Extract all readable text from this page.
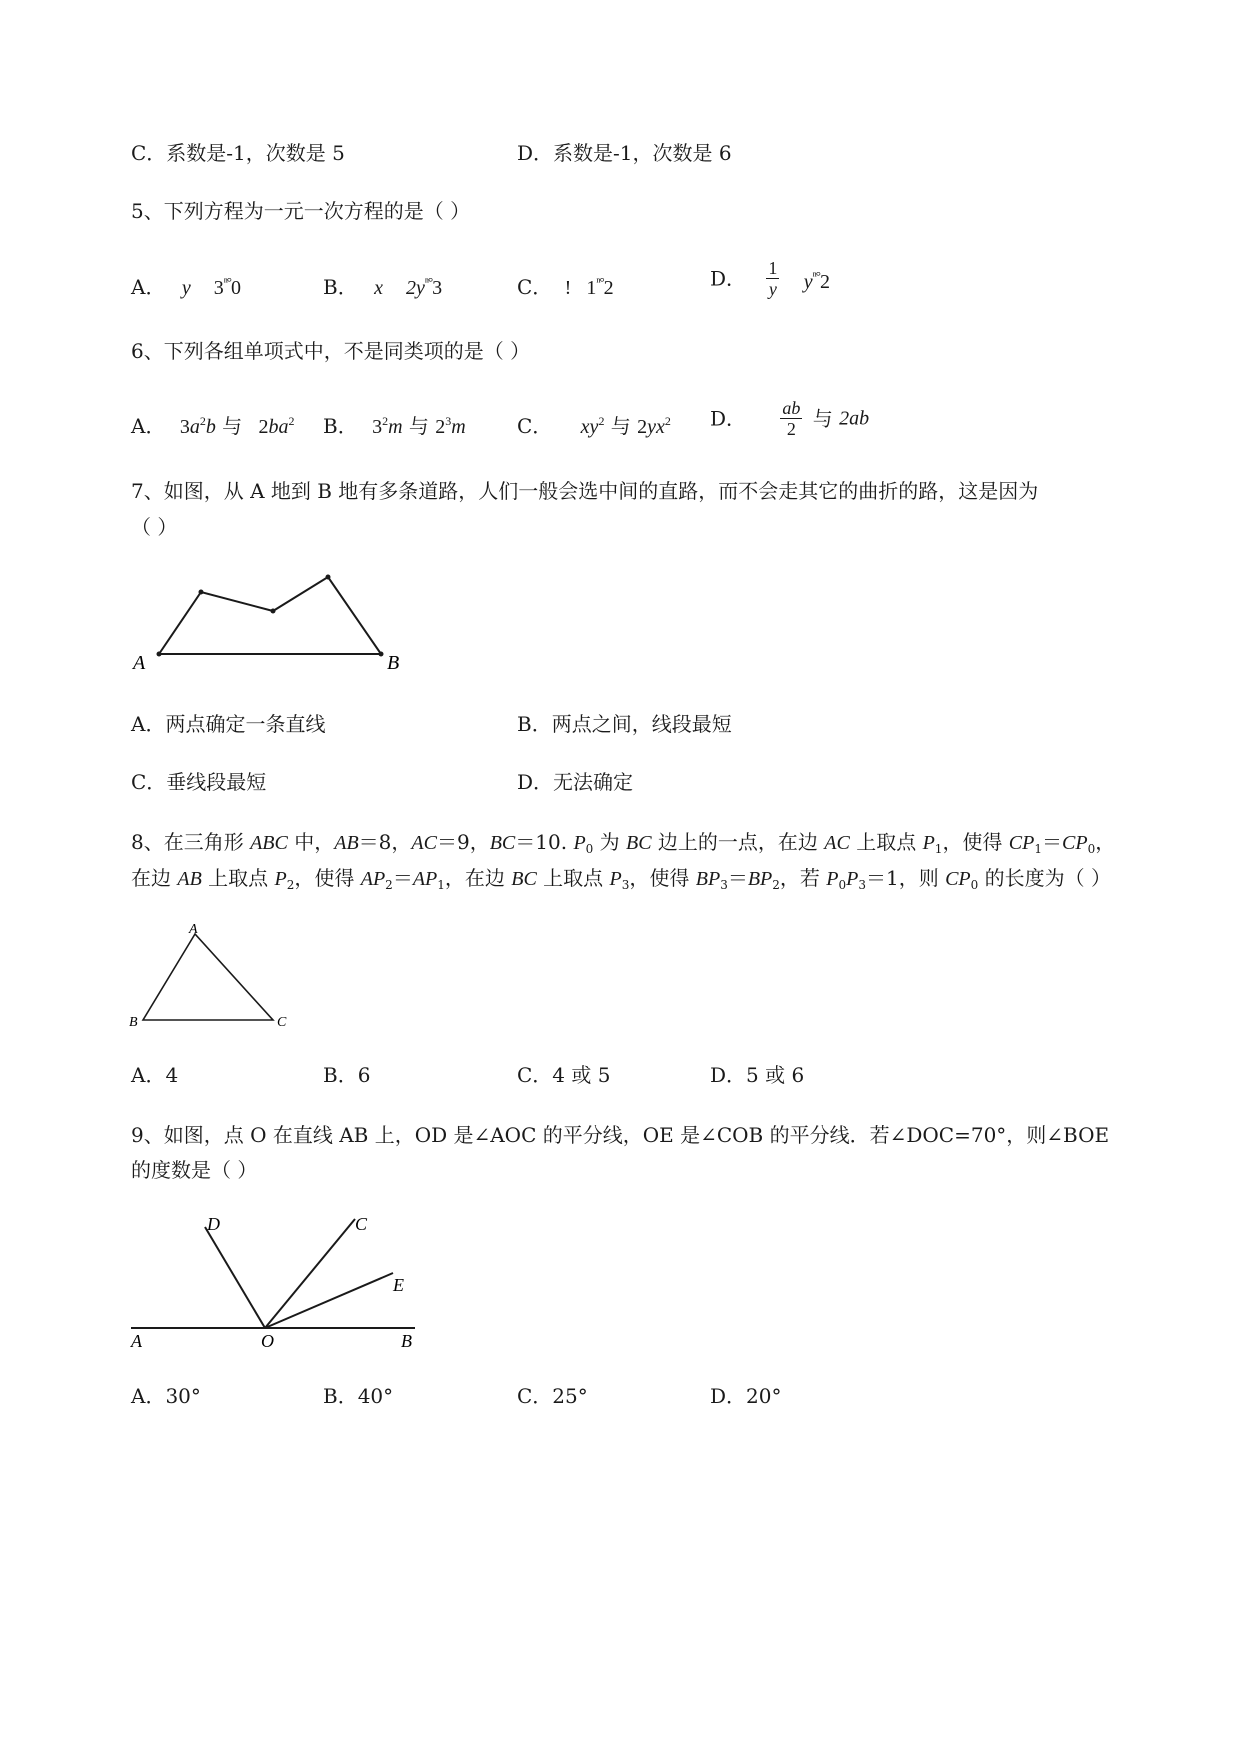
C．系数是-1，次数是 5	D．系数是-1，次数是 6
5、下列方程为一元一次方程的是（ ）
A． y $3^{^n^\circ}0$	B． x $2y^{^n^\circ}3$	C． ! $1^{^n^\circ}2$	D． $\frac{1}{y} y^{^n^\circ}2$
6、下列各组单项式中，不是同类项的是（ ）
A． $3a^2b$ 与 $2ba^2$ B． $3^2m$ 与 $2^3m$	C． $xy^2$ 与 $2yx^2$ D． $\frac{ab}{2}$ 与 2ab
7、如图，从 A 地到 B 地有多条道路，人们一般会选中间的直路，而不会走其它的曲折的路，这是因为
（ ）
A	B
A．两点确定一条直线	B．两点之间，线段最短
C．垂线段最短	D．无法确定
8、在三角形 ABC 中，AB＝8，AC＝9，BC＝10. $P_0$ 为 BC 边上的一点，在边 AC 上取点 $P_1$，使得 $CP_1=CP_0$，
在边 AB 上取点 $P_2$，使得 $AP_2=AP_1$，在边 BC 上取点 $P_3$，使得 $BP_3=BP_2$，若 $P_0P_3=1$，则 $CP_0$ 的长度为（ ）
A
B	C
A．4	B．6	C．4 或 5	D．5 或 6
9、如图，点 O 在直线 AB 上，OD 是∠AOC 的平分线，OE 是∠COB 的平分线．若∠DOC=70°，则∠BOE
的度数是（ ）
D	C
E
A	O	B
A．30°	B．40°	C．25°	D．20°
